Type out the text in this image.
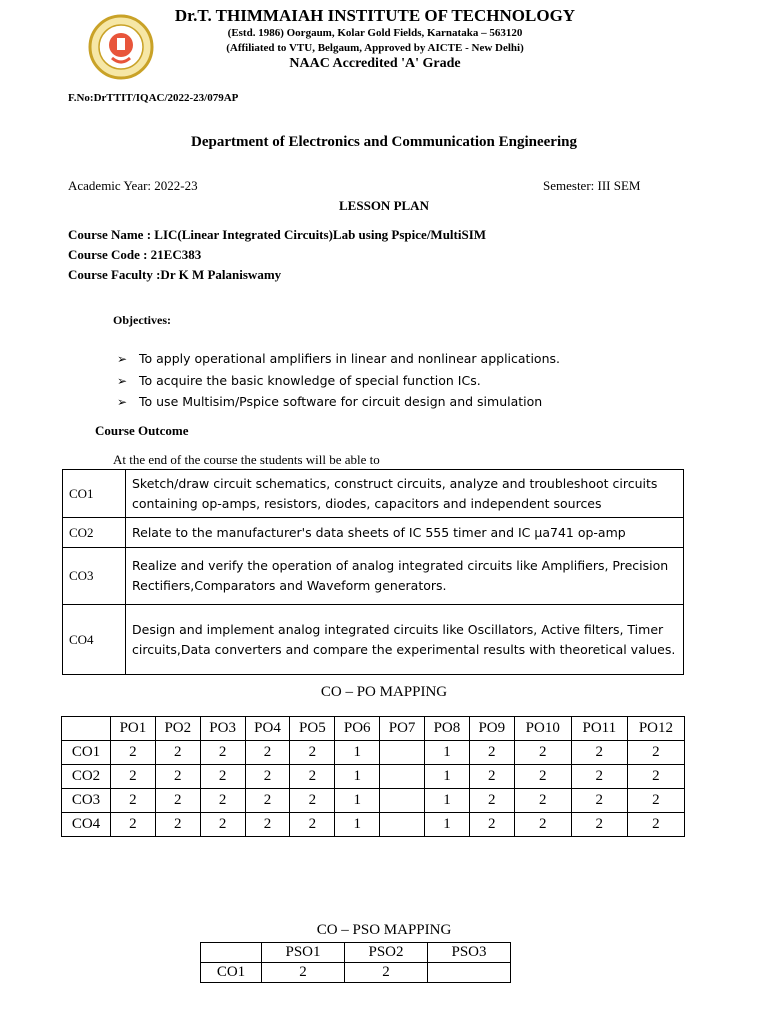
Dr.T. THIMMAIAH INSTITUTE OF TECHNOLOGY
(Estd. 1986) Oorgaum, Kolar Gold Fields, Karnataka – 563120
(Affiliated to VTU, Belgaum, Approved by AICTE - New Delhi)
NAAC Accredited 'A' Grade
F.No:DrTTIT/IQAC/2022-23/079AP
Department of Electronics and Communication Engineering
Academic Year: 2022-23	Semester: III SEM
LESSON PLAN
Course Name : LIC(Linear Integrated Circuits)Lab using Pspice/MultiSIM
Course Code : 21EC383
Course Faculty :Dr K M Palaniswamy
Objectives:
➢ To apply operational amplifiers in linear and nonlinear applications.
➢ To acquire the basic knowledge of special function ICs.
➢ To use Multisim/Pspice software for circuit design and simulation
Course Outcome
At the end of the course the students will be able to
CO1	Sketch/draw circuit schematics, construct circuits, analyze and troubleshoot circuits containing op-amps, resistors, diodes, capacitors and independent sources
CO2	Relate to the manufacturer's data sheets of IC 555 timer and IC µa741 op-amp
CO3	Realize and verify the operation of analog integrated circuits like Amplifiers, Precision Rectifiers,Comparators and Waveform generators.
CO4	Design and implement analog integrated circuits like Oscillators, Active filters, Timer circuits,Data converters and compare the experimental results with theoretical values.
CO – PO MAPPING
	PO1	PO2	PO3	PO4	PO5	PO6	PO7	PO8	PO9	PO10	PO11	PO12
CO1	2	2	2	2	2	1		1	2	2	2	2
CO2	2	2	2	2	2	1		1	2	2	2	2
CO3	2	2	2	2	2	1		1	2	2	2	2
CO4	2	2	2	2	2	1		1	2	2	2	2
CO – PSO MAPPING
	PSO1	PSO2	PSO3
CO1	2	2	
